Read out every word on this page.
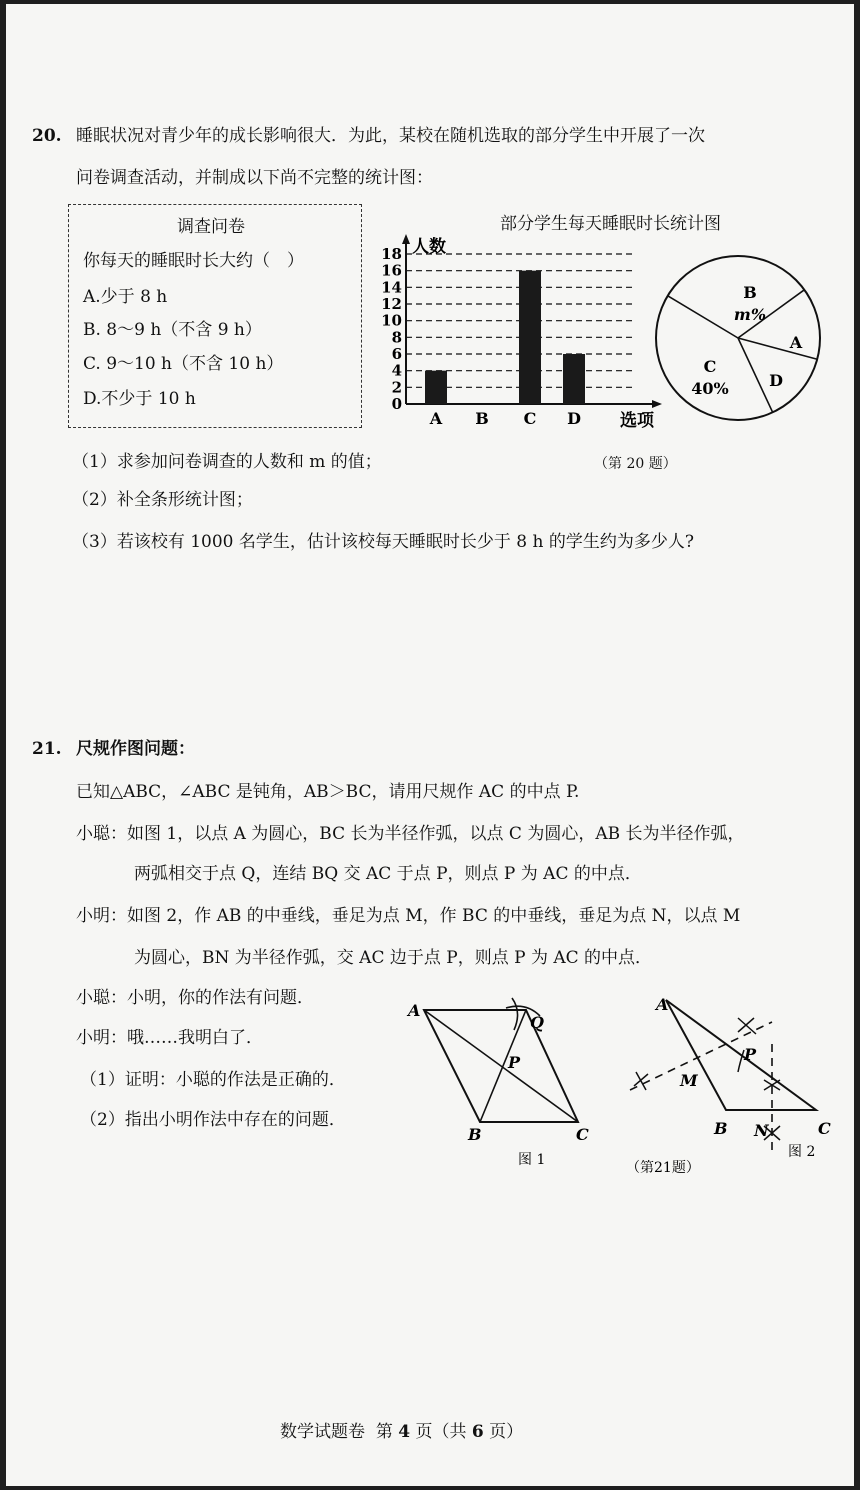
20. 睡眠状况对青少年的成长影响很大．为此，某校在随机选取的部分学生中开展了一次
问卷调查活动，并制成以下尚不完整的统计图：
调查问卷
你每天的睡眠时长大约（　）
A.少于 8 h
B. 8～9 h（不含 9 h）
C. 9～10 h（不含 10 h）
D.不少于 10 h
部分学生每天睡眠时长统计图
0
2
4
6
8
10
12
14
16
18 人数
选项
A B C D
B
m%
A
D
C
40%
（1）求参加问卷调查的人数和 m 的值；	（第 20 题）
（2）补全条形统计图；
（3）若该校有 1000 名学生，估计该校每天睡眠时长少于 8 h 的学生约为多少人?
21. 尺规作图问题：
已知△ABC，∠ABC 是钝角，AB＞BC，请用尺规作 AC 的中点 P.
小聪：如图 1，以点 A 为圆心，BC 长为半径作弧，以点 C 为圆心，AB 长为半径作弧，
两弧相交于点 Q，连结 BQ 交 AC 于点 P，则点 P 为 AC 的中点．
小明：如图 2，作 AB 的中垂线，垂足为点 M，作 BC 的中垂线，垂足为点 N，以点 M
为圆心，BN 为半径作弧，交 AC 边于点 P，则点 P 为 AC 的中点．
小聪：小明，你的作法有问题．
小明：哦……我明白了．
（1）证明：小聪的作法是正确的．
（2）指出小明作法中存在的问题．
A
Q
P
B	C
图 1
A
P
M
B N	C
图 2
（第21题）
数学试题卷 第 4 页（共 6 页）
